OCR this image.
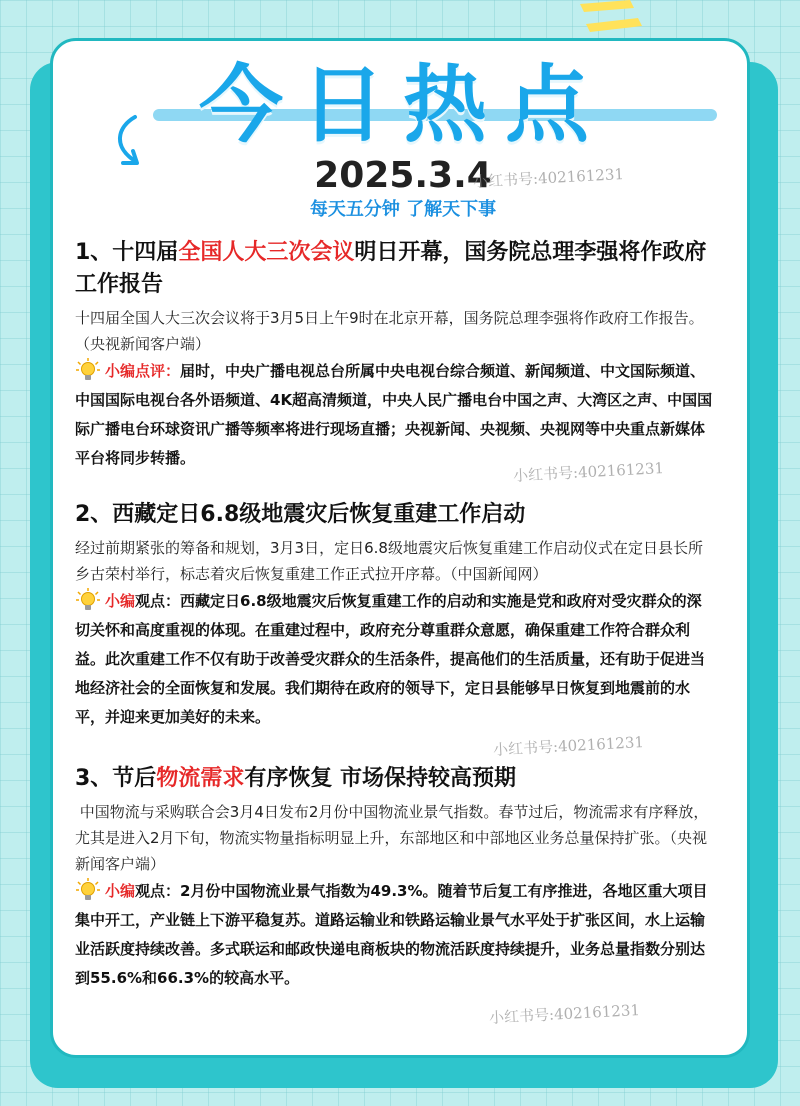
今日热点
2025.3.4
每天五分钟 了解天下事
小红书号:402161231
小红书号:402161231
小红书号:402161231
小红书号:402161231
1、十四届全国人大三次会议明日开幕，国务院总理李强将作政府工作报告

十四届全国人大三次会议将于3月5日上午9时在北京开幕，国务院总理李强将作政府工作报告。（央视新闻客户端）

小编点评：届时，中央广播电视总台所属中央电视台综合频道、新闻频道、中文国际频道、中国国际电视台各外语频道、4K超高清频道，中央人民广播电台中国之声、大湾区之声、中国国际广播电台环球资讯广播等频率将进行现场直播；央视新闻、央视频、央视网等中央重点新媒体平台将同步转播。

2、西藏定日6.8级地震灾后恢复重建工作启动

经过前期紧张的筹备和规划，3月3日，定日6.8级地震灾后恢复重建工作启动仪式在定日县长所乡古荣村举行，标志着灾后恢复重建工作正式拉开序幕。（中国新闻网）

小编观点：西藏定日6.8级地震灾后恢复重建工作的启动和实施是党和政府对受灾群众的深切关怀和高度重视的体现。在重建过程中，政府充分尊重群众意愿，确保重建工作符合群众利益。此次重建工作不仅有助于改善受灾群众的生活条件，提高他们的生活质量，还有助于促进当地经济社会的全面恢复和发展。我们期待在政府的领导下，定日县能够早日恢复到地震前的水平，并迎来更加美好的未来。

3、节后物流需求有序恢复 市场保持较高预期

中国物流与采购联合会3月4日发布2月份中国物流业景气指数。春节过后，物流需求有序释放，尤其是进入2月下旬，物流实物量指标明显上升，东部地区和中部地区业务总量保持扩张。（央视新闻客户端）

小编观点：2月份中国物流业景气指数为49.3%。随着节后复工有序推进，各地区重大项目集中开工，产业链上下游平稳复苏。道路运输业和铁路运输业景气水平处于扩张区间，水上运输业活跃度持续改善。多式联运和邮政快递电商板块的物流活跃度持续提升，业务总量指数分别达到55.6%和66.3%的较高水平。
